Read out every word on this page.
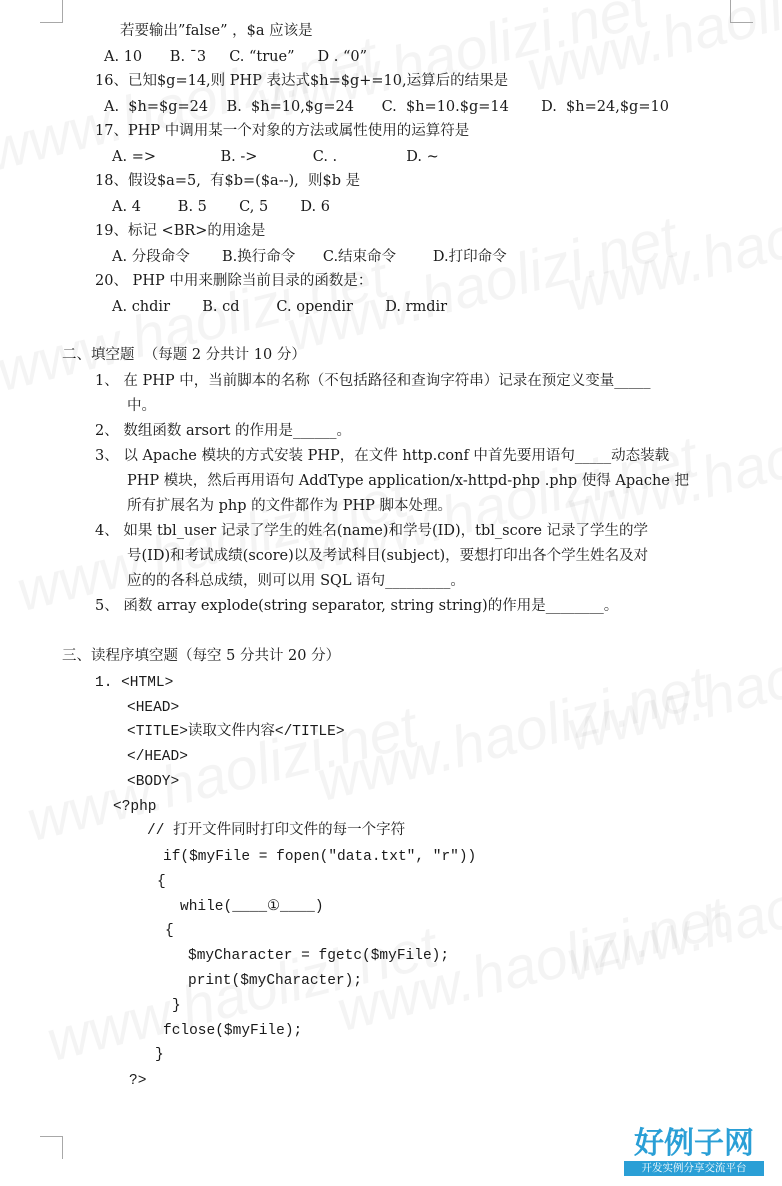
若要输出”false” ，$a 应该是
A. 10      B. ¯3     C. “true”     D . “0”
16、已知$g=14,则 PHP 表达式$h=$g+=10,运算后的结果是
A.  $h=$g=24    B.  $h=10,$g=24      C.  $h=10.$g=14       D.  $h=24,$g=10
17、PHP 中调用某一个对象的方法或属性使用的运算符是
A. =>              B. ->            C. .               D. ~
18、假设$a=5,  有$b=($a--),  则$b 是
A. 4        B. 5       C, 5       D. 6
19、标记 <BR>的用途是
A. 分段命令       B.换行命令      C.结束命令        D.打印命令
20、 PHP 中用来删除当前目录的函数是：
A. chdir       B. cd        C. opendir       D. rmdir
二、填空题  （每题 2 分共计 10 分）
1、 在 PHP 中，当前脚本的名称（不包括路径和查询字符串）记录在预定义变量_____
中。
2、 数组函数 arsort 的作用是______。
3、 以 Apache 模块的方式安装 PHP，在文件 http.conf 中首先要用语句_____动态装载
PHP 模块，然后再用语句 AddType application/x-httpd-php .php 使得 Apache 把
所有扩展名为 php 的文件都作为 PHP 脚本处理。
4、 如果 tbl_user 记录了学生的姓名(name)和学号(ID)，tbl_score 记录了学生的学
号(ID)和考试成绩(score)以及考试科目(subject)，要想打印出各个学生姓名及对
应的的各科总成绩，则可以用 SQL 语句_________。
5、 函数 array explode(string separator, string string)的作用是________。
三、读程序填空题（每空 5 分共计 20 分）
1. <HTML>
<HEAD>
<TITLE>读取文件内容</TITLE>
</HEAD>
<BODY>
<?php
// 打开文件同时打印文件的每一个字符
if($myFile = fopen("data.txt", "r"))
{
while(____①____)
{
$myCharacter = fgetc($myFile);
print($myCharacter);
}
fclose($myFile);
}
?>
好例子网
开发实例分享交流平台
